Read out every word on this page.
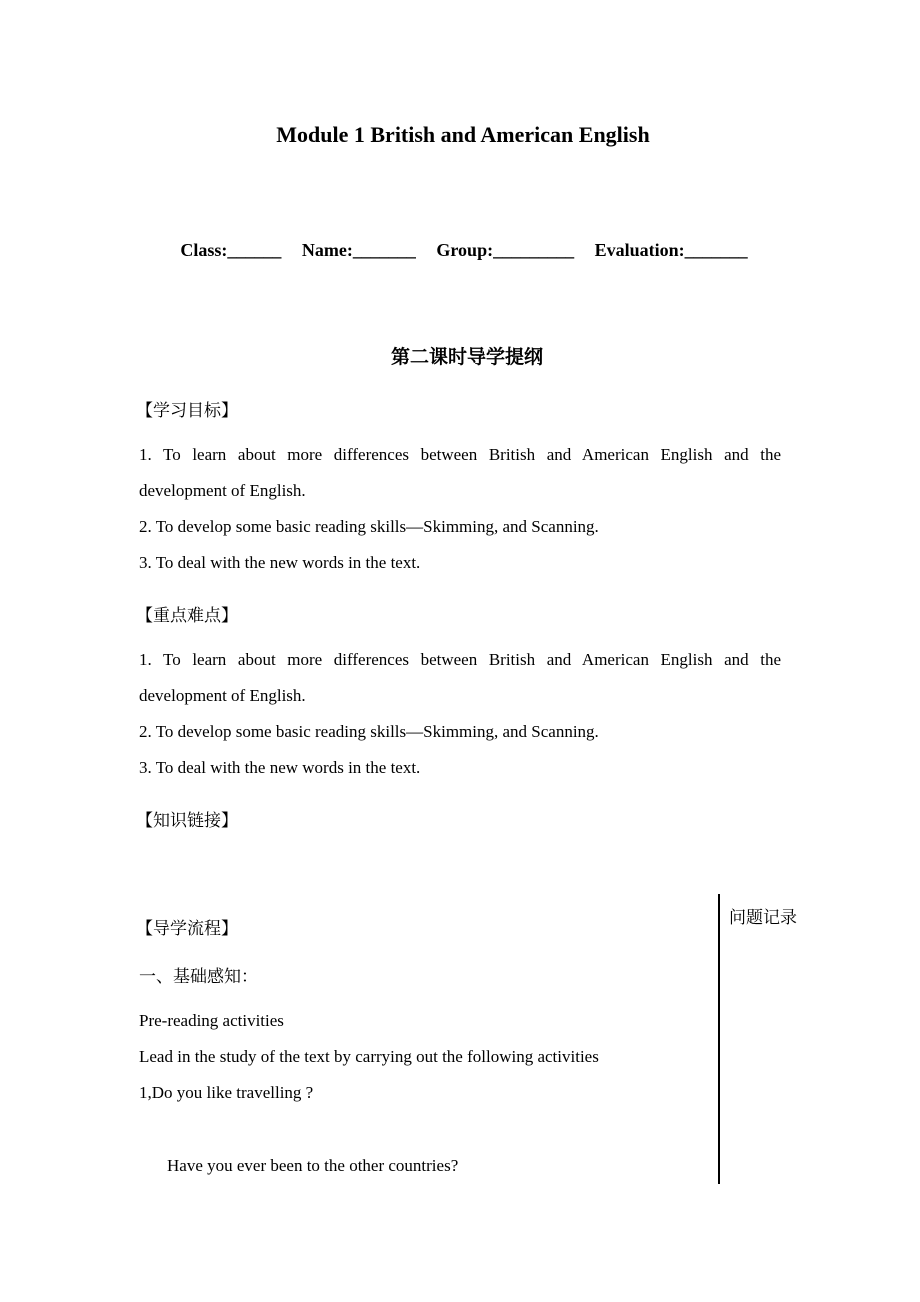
Module 1 British and American English
Class:______ Name:_______ Group:_________ Evaluation:_______
第二课时导学提纲
【学习目标】
1. To learn about more differences between British and American English and the
development of English.
2. To develop some basic reading skills—Skimming, and Scanning.
3. To deal with the new words in the text.
【重点难点】
1. To learn about more differences between British and American English and the
development of English.
2. To develop some basic reading skills—Skimming, and Scanning.
3. To deal with the new words in the text.
【知识链接】
【导学流程】
一、基础感知：
Pre-reading activities
Lead in the study of the text by carrying out the following activities
1,Do you like travelling ?
Have you ever been to the other countries?
问题记录
